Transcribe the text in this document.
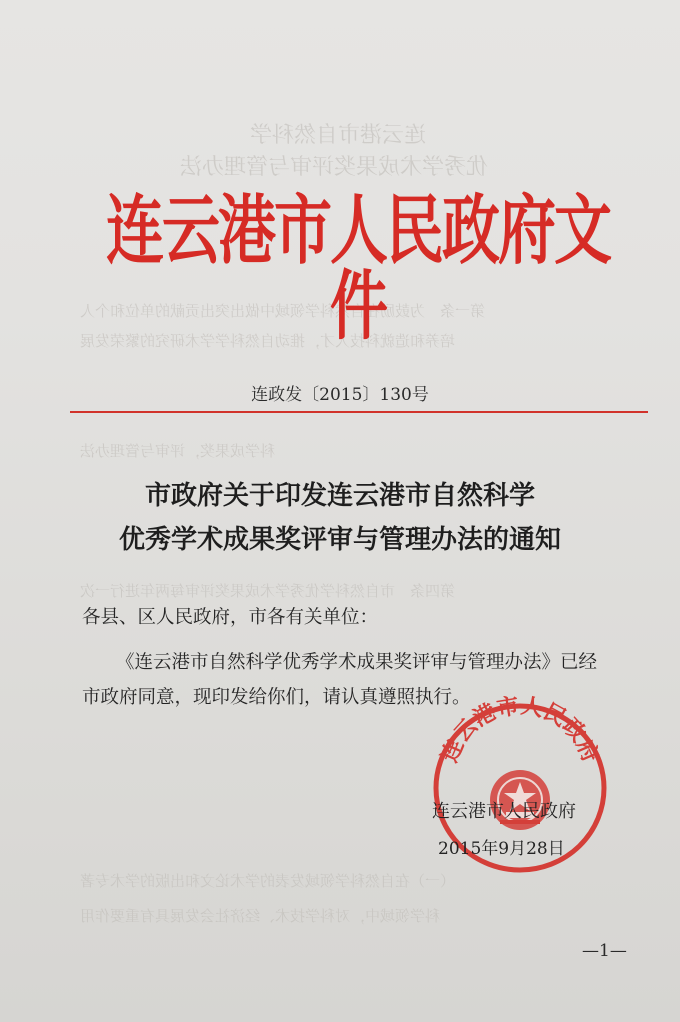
连云港市自然科学
优秀学术成果奖评审与管理办法
第一条　为鼓励在自然科学领域中做出突出贡献的单位和个人
培养和造就科技人才，推动自然科学学术研究的繁荣发展
科学成果奖，评审与管理办法
第四条　市自然科学优秀学术成果奖评审每两年进行一次
（一）在自然科学领域发表的学术论文和出版的学术专著
科学领域中，对科学技术、经济社会发展具有重要作用
连云港市人民政府文件
连政发〔2015〕130号
市政府关于印发连云港市自然科学
优秀学术成果奖评审与管理办法的通知
各县、区人民政府，市各有关单位：
《连云港市自然科学优秀学术成果奖评审与管理办法》已经
市政府同意，现印发给你们，请认真遵照执行。
连云港市人民政府
连云港市人民政府
2015年9月28日
—1—
